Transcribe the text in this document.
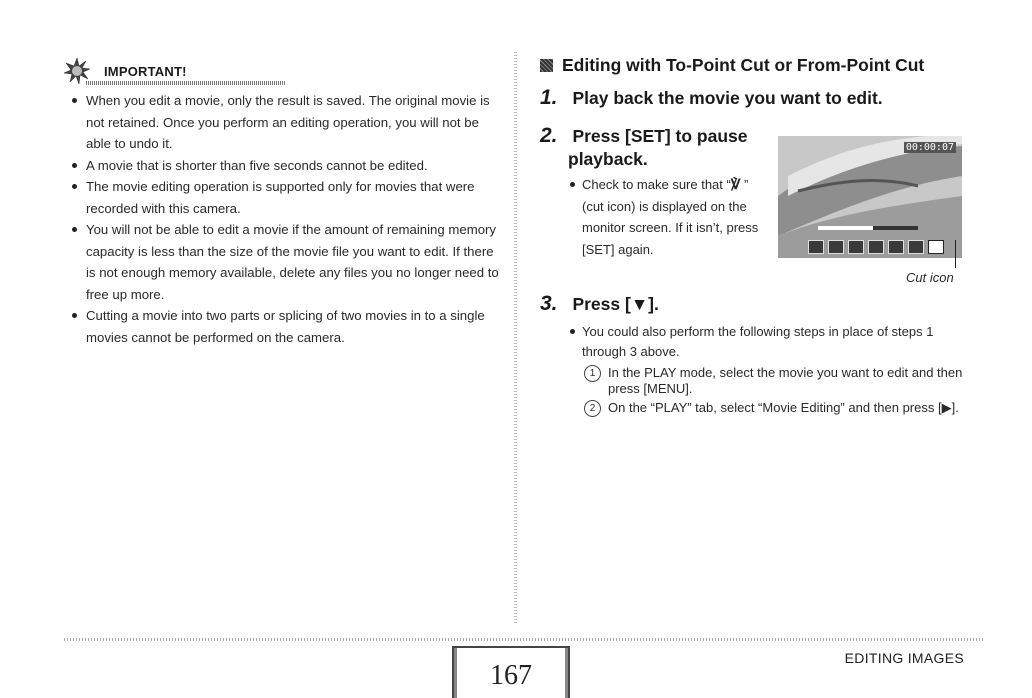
IMPORTANT!
When you edit a movie, only the result is saved. The original movie is not retained. Once you perform an editing operation, you will not be able to undo it.
A movie that is shorter than five seconds cannot be edited.
The movie editing operation is supported only for movies that were recorded with this camera.
You will not be able to edit a movie if the amount of remaining memory capacity is less than the size of the movie file you want to edit. If there is not enough memory available, delete any files you no longer need to free up more.
Cutting a movie into two parts or splicing of two movies in to a single movies cannot be performed on the camera.
Editing with To-Point Cut or From-Point Cut
1. Play back the movie you want to edit.
2. Press [SET] to pause
playback.
Check to make sure that “℣ ” (cut icon) is displayed on the monitor screen. If it isn’t, press [SET] again.
00:00:07
Cut icon
3. Press [▼].
You could also perform the following steps in place of steps 1 through 3 above.
1 In the PLAY mode, select the movie you want to edit and then press [MENU].
2 On the “PLAY” tab, select “Movie Editing” and then press [▶].
167
EDITING IMAGES
